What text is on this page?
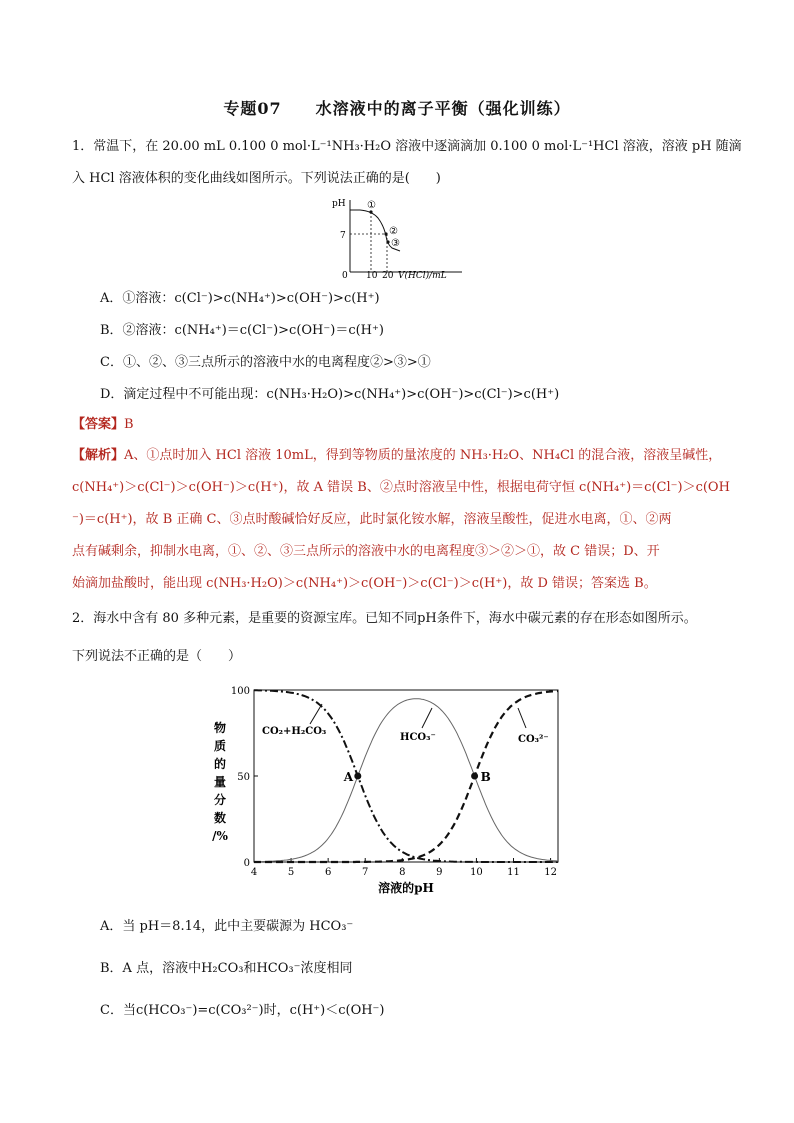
专题07　　水溶液中的离子平衡（强化训练）
1．常温下，在 20.00 mL 0.100 0 mol·L⁻¹NH₃·H₂O 溶液中逐滴滴加 0.100 0 mol·L⁻¹HCl 溶液，溶液 pH 随滴
入 HCl 溶液体积的变化曲线如图所示。下列说法正确的是(　　)
pH
7
0 10 20 V(HCl)/mL
①
②
③
A．①溶液：c(Cl⁻)>c(NH₄⁺)>c(OH⁻)>c(H⁺)
B．②溶液：c(NH₄⁺)＝c(Cl⁻)>c(OH⁻)＝c(H⁺)
C．①、②、③三点所示的溶液中水的电离程度②>③>①
D．滴定过程中不可能出现：c(NH₃·H₂O)>c(NH₄⁺)>c(OH⁻)>c(Cl⁻)>c(H⁺)
【答案】B
【解析】A、①点时加入 HCl 溶液 10mL，得到等物质的量浓度的 NH₃·H₂O、NH₄Cl 的混合液，溶液呈碱性，
c(NH₄⁺)＞c(Cl⁻)＞c(OH⁻)＞c(H⁺)，故 A 错误 B、②点时溶液呈中性，根据电荷守恒 c(NH₄⁺)＝c(Cl⁻)＞c(OH
⁻)＝c(H⁺)，故 B 正确 C、③点时酸碱恰好反应，此时氯化铵水解，溶液呈酸性，促进水电离，①、②两
点有碱剩余，抑制水电离，①、②、③三点所示的溶液中水的电离程度③＞②＞①，故 C 错误；D、开
始滴加盐酸时，能出现 c(NH₃·H₂O)＞c(NH₄⁺)＞c(OH⁻)＞c(Cl⁻)＞c(H⁺)，故 D 错误；答案选 B。
2．海水中含有 80 多种元素，是重要的资源宝库。已知不同pH条件下，海水中碳元素的存在形态如图所示。
下列说法不正确的是（　　）
物
质
的
量
分
数
/%
4	5	6	7	8	9	10 11 12
0
50
100
A	B
CO₂+H₂CO₃
HCO₃⁻	CO₃²⁻
溶液的pH
A．当 pH＝8.14，此中主要碳源为 HCO₃⁻
B．A 点，溶液中H₂CO₃和HCO₃⁻浓度相同
C．当c(HCO₃⁻)=c(CO₃²⁻)时，c(H⁺)＜c(OH⁻)
